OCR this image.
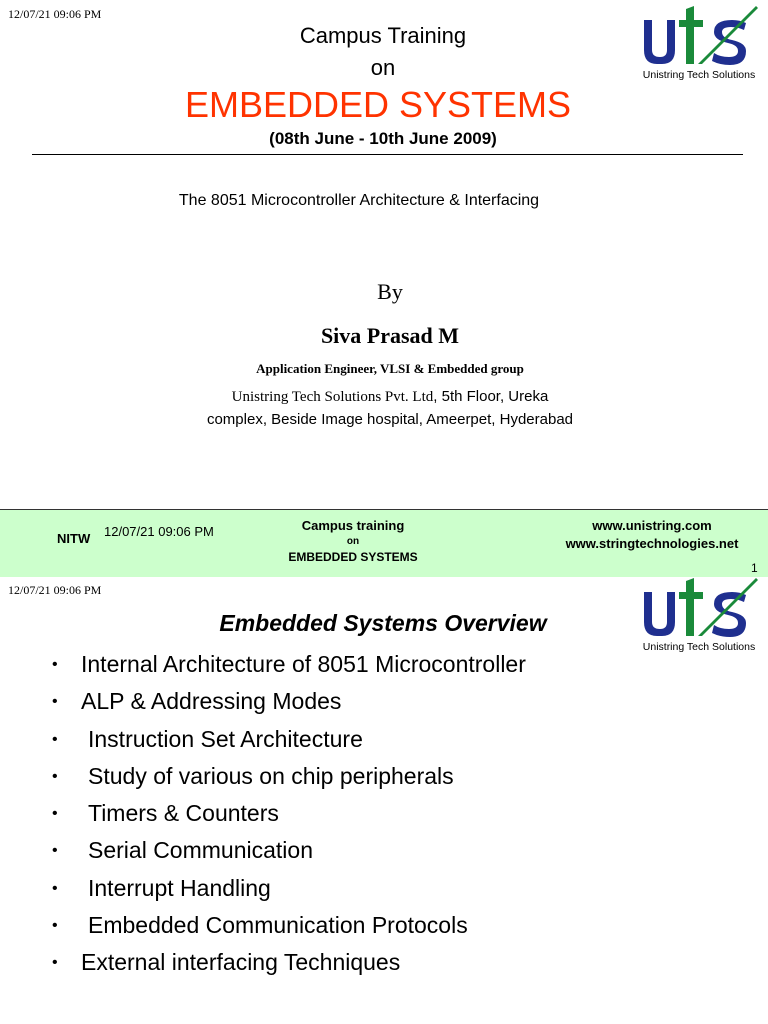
12/07/21 09:06 PM
Campus Training
on
EMBEDDED SYSTEMS
(08th June - 10th June 2009)
Unistring Tech Solutions
The 8051 Microcontroller Architecture & Interfacing
By
Siva Prasad M
Application Engineer, VLSI & Embedded group
Unistring Tech Solutions Pvt. Ltd, 5th Floor, Ureka
complex, Beside Image hospital, Ameerpet, Hyderabad
NITW 12/07/21 09:06 PM	Campus training
on
EMBEDDED SYSTEMS
www.unistring.com
www.stringtechnologies.net
1
12/07/21 09:06 PM
Embedded Systems Overview
Unistring Tech Solutions
• Internal Architecture of 8051 Microcontroller
• ALP & Addressing Modes
• Instruction Set Architecture
• Study of various on chip peripherals
• Timers & Counters
• Serial Communication
• Interrupt Handling
• Embedded Communication Protocols
• External interfacing Techniques
